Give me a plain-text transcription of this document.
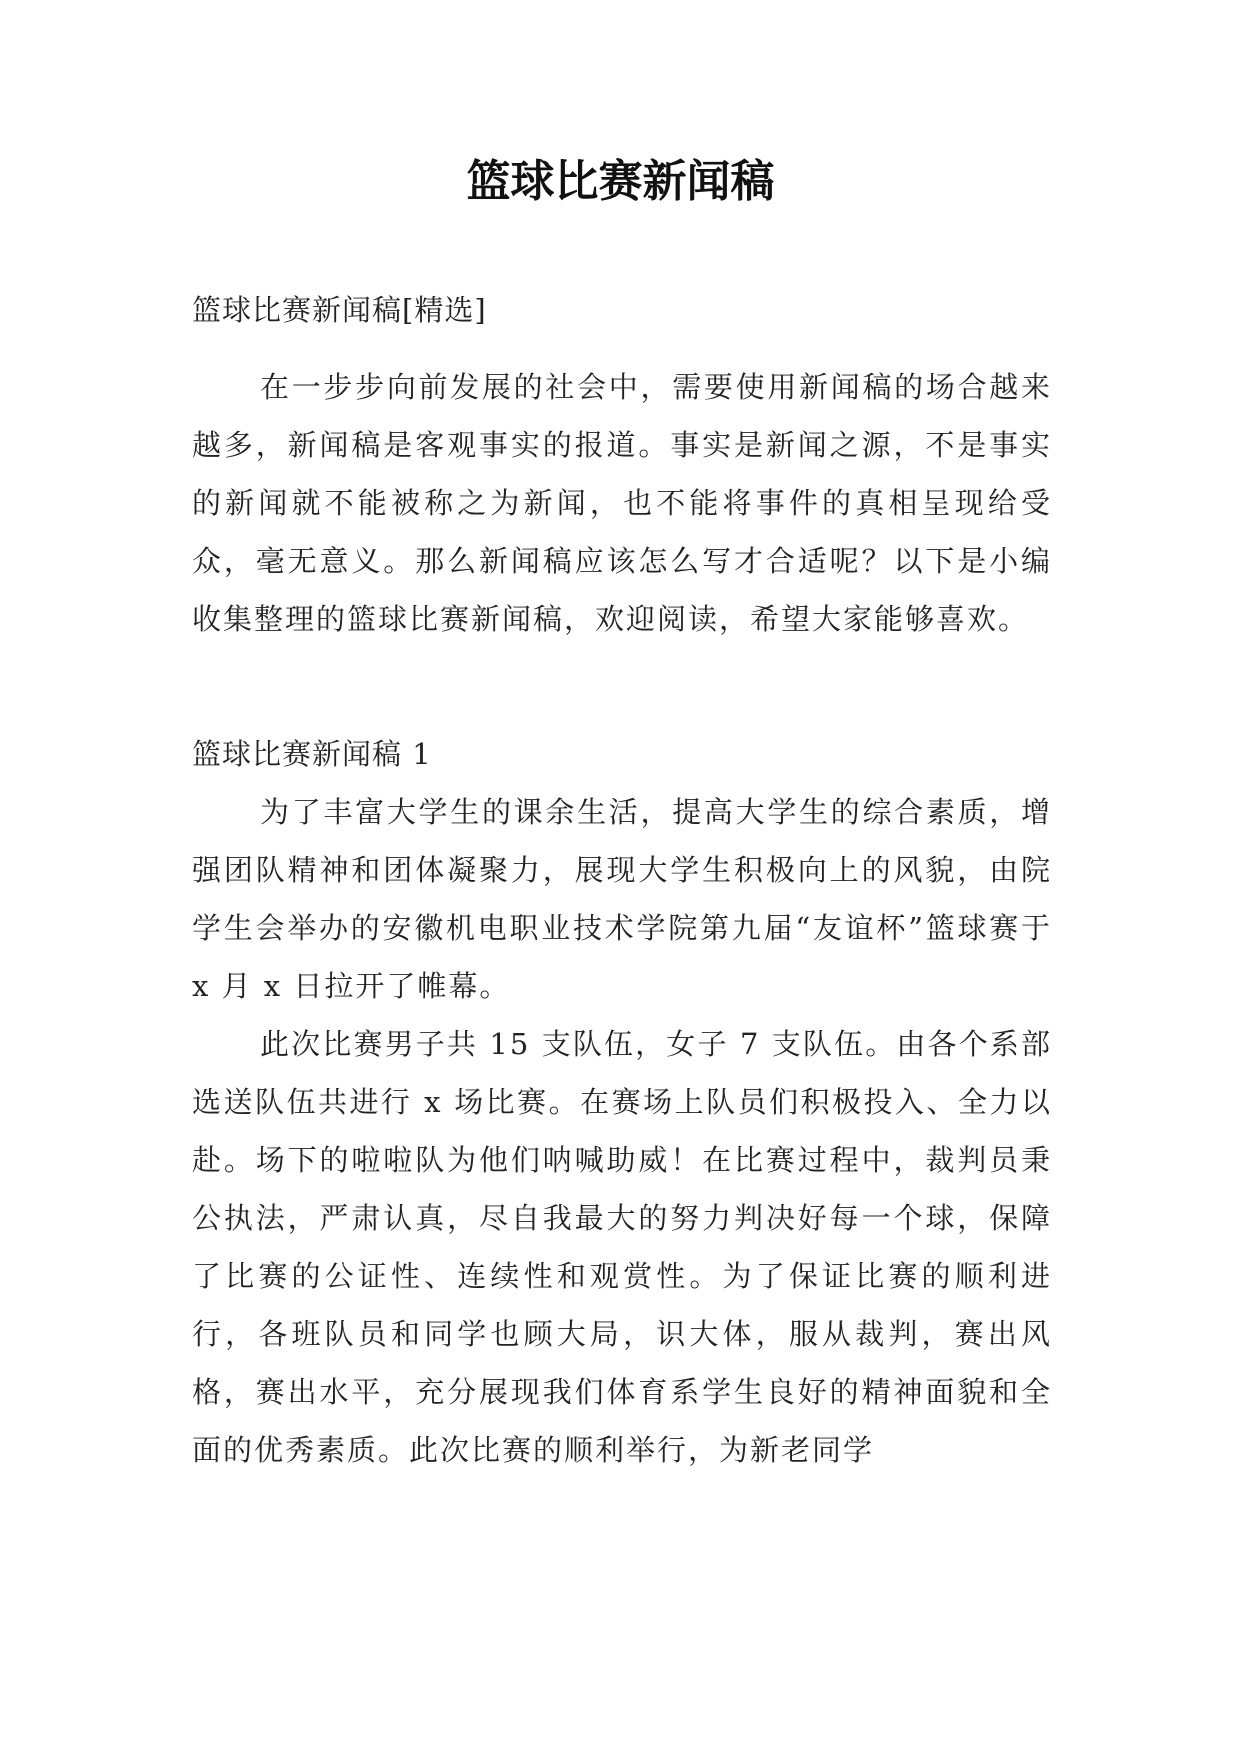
篮球比赛新闻稿

篮球比赛新闻稿[精选]

在一步步向前发展的社会中，需要使用新闻稿的场合越来越多，新闻稿是客观事实的报道。事实是新闻之源，不是事实的新闻就不能被称之为新闻，也不能将事件的真相呈现给受众，毫无意义。那么新闻稿应该怎么写才合适呢？以下是小编收集整理的篮球比赛新闻稿，欢迎阅读，希望大家能够喜欢。

篮球比赛新闻稿 1

为了丰富大学生的课余生活，提高大学生的综合素质，增强团队精神和团体凝聚力，展现大学生积极向上的风貌，由院学生会举办的安徽机电职业技术学院第九届“友谊杯”篮球赛于 x 月 x 日拉开了帷幕。

此次比赛男子共 15 支队伍，女子 7 支队伍。由各个系部选送队伍共进行 x 场比赛。在赛场上队员们积极投入、全力以赴。场下的啦啦队为他们呐喊助威！在比赛过程中，裁判员秉公执法，严肃认真，尽自我最大的努力判决好每一个球，保障了比赛的公证性、连续性和观赏性。为了保证比赛的顺利进行，各班队员和同学也顾大局，识大体，服从裁判，赛出风格，赛出水平，充分展现我们体育系学生良好的精神面貌和全面的优秀素质。此次比赛的顺利举行，为新老同学
